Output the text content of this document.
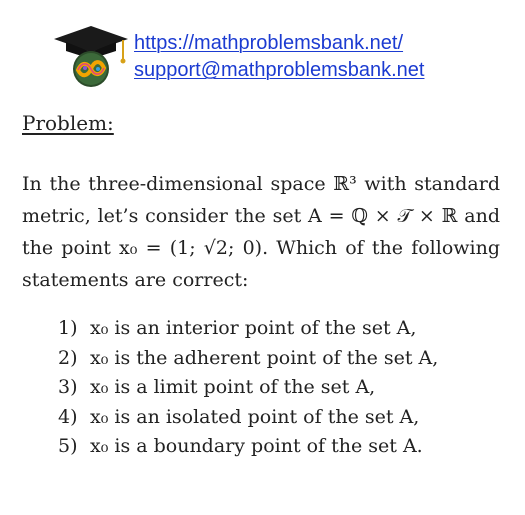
https://mathproblemsbank.net/
support@mathproblemsbank.net
Problem:
In the three-dimensional space ℝ³ with standard
metric, let’s consider the set A = ℚ × 𝒯 × ℝ and
the point x₀ = (1; √2; 0). Which of the following
statements are correct:
1) x₀ is an interior point of the set A,
2) x₀ is the adherent point of the set A,
3) x₀ is a limit point of the set A,
4) x₀ is an isolated point of the set A,
5) x₀ is a boundary point of the set A.
